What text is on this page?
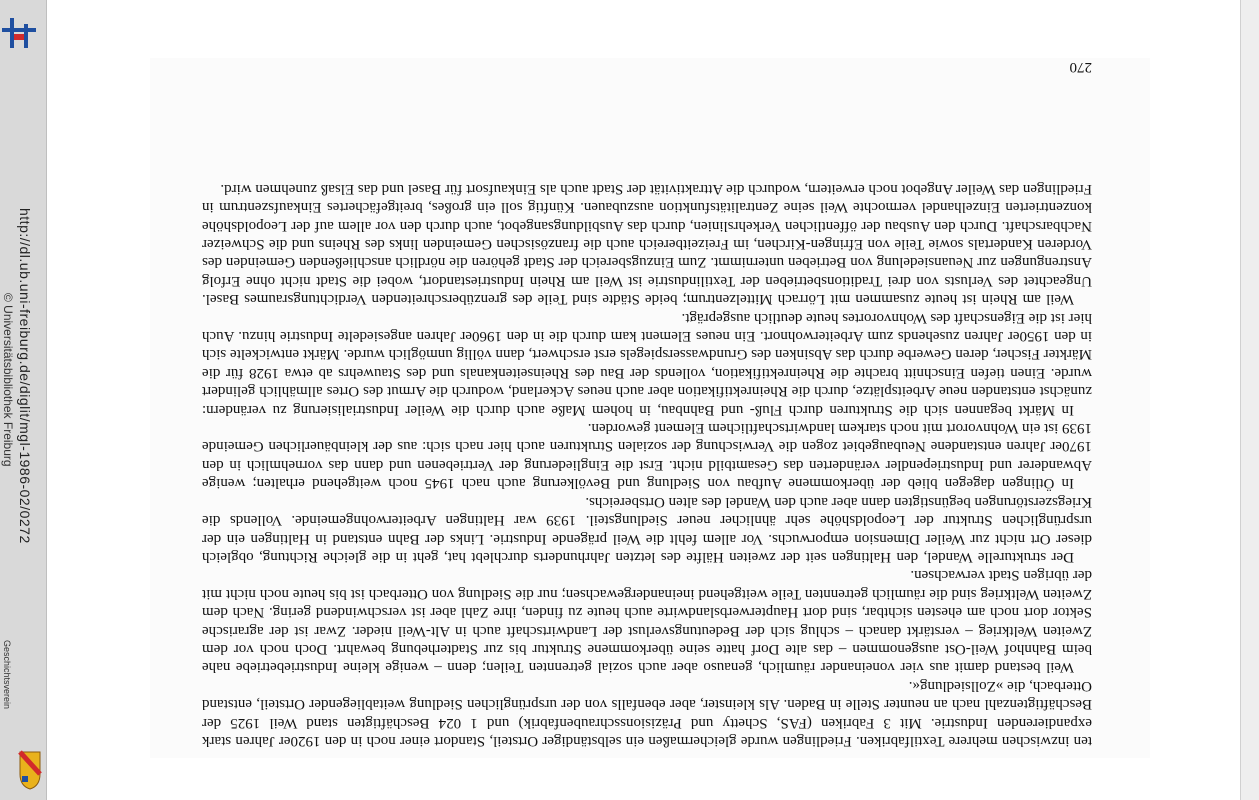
http://dl.ub.uni-freiburg.de/diglit/mgl-1986-02/0272
© Universitätsbibliothek Freiburg
Geschichtsverein

ten inzwischen mehrere Textilfabriken. Friedlingen wurde gleichermaßen ein selbständiger Ortsteil, Standort einer noch in den 1920er Jahren stark expandierenden Industrie. Mit 3 Fabriken (FAS, Schetty und Präzisionsschraubenfabrik) und 1 024 Beschäftigten stand Weil 1925 der Beschäftigtenzahl nach an neunter Stelle in Baden. Als kleinster, aber ebenfalls von der ursprünglichen Siedlung weitabliegender Ortsteil, entstand Otterbach, die »Zollsiedlung«.

Weil bestand damit aus vier voneinander räumlich, genauso aber auch sozial getrennten Teilen; denn – wenige kleine Industriebetriebe nahe beim Bahnhof Weil-Ost ausgenommen – das alte Dorf hatte seine überkommene Struktur bis zur Stadterhebung bewahrt. Doch noch vor dem Zweiten Weltkrieg – verstärkt danach – schlug sich der Bedeutungsverlust der Landwirtschaft auch in Alt-Weil nieder. Zwar ist der agrarische Sektor dort noch am ehesten sichtbar, sind dort Haupterwerbslandwirte auch heute zu finden, ihre Zahl aber ist verschwindend gering. Nach dem Zweiten Weltkrieg sind die räumlich getrennten Teile weitgehend ineinandergewachsen; nur die Siedlung von Otterbach ist bis heute noch nicht mit der übrigen Stadt verwachsen.

Der strukturelle Wandel, den Haltingen seit der zweiten Hälfte des letzten Jahrhunderts durchlebt hat, geht in die gleiche Richtung, obgleich dieser Ort nicht zur Weiler Dimension emporwuchs. Vor allem fehlt die Weil prägende Industrie. Links der Bahn entstand in Haltingen ein der ursprünglichen Struktur der Leopoldshöhe sehr ähnlicher neuer Siedlungsteil. 1939 war Haltingen Arbeiterwohngemeinde. Vollends die Kriegszerstörungen begünstigten dann aber auch den Wandel des alten Ortsbereichs.

In Ötlingen dagegen blieb der überkommene Aufbau von Siedlung und Bevölkerung auch nach 1945 noch weitgehend erhalten; wenige Abwanderer und Industriependler veränderten das Gesamtbild nicht. Erst die Eingliederung der Vertriebenen und dann das vornehmlich in den 1970er Jahren entstandene Neubaugebiet zogen die Verwischung der sozialen Strukturen auch hier nach sich: aus der kleinbäuerlichen Gemeinde 1939 ist ein Wohnvorort mit noch starkem landwirtschaftlichem Element geworden.

In Märkt begannen sich die Strukturen durch Fluß- und Bahnbau, in hohem Maße auch durch die Weiler Industrialisierung zu verändern: zunächst entstanden neue Arbeitsplätze, durch die Rheinrektifikation aber auch neues Ackerland, wodurch die Armut des Ortes allmählich gelindert wurde. Einen tiefen Einschnitt brachte die Rheinrektifikation, vollends der Bau des Rheinseitenkanals und des Stauwehrs ab etwa 1928 für die Märkter Fischer, deren Gewerbe durch das Absinken des Grundwasserspiegels erst erschwert, dann völlig unmöglich wurde. Märkt entwickelte sich in den 1950er Jahren zusehends zum Arbeiterwohnort. Ein neues Element kam durch die in den 1960er Jahren angesiedelte Industrie hinzu. Auch hier ist die Eigenschaft des Wohnvorortes heute deutlich ausgeprägt.

Weil am Rhein ist heute zusammen mit Lörrach Mittelzentrum; beide Städte sind Teile des grenzüberschreitenden Verdichtungsraumes Basel. Ungeachtet des Verlusts von drei Traditionsbetrieben der Textilindustrie ist Weil am Rhein Industriestandort, wobei die Stadt nicht ohne Erfolg Anstrengungen zur Neuansiedelung von Betrieben unternimmt. Zum Einzugsbereich der Stadt gehören die nördlich anschließenden Gemeinden des Vorderen Kandertals sowie Teile von Efringen-Kirchen, im Freizeitbereich auch die französischen Gemeinden links des Rheins und die Schweizer Nachbarschaft. Durch den Ausbau der öffentlichen Verkehrslinien, durch das Ausbildungsangebot, auch durch den vor allem auf der Leopoldshöhe konzentrierten Einzelhandel vermochte Weil seine Zentralitätsfunktion auszubauen. Künftig soll ein großes, breitgefächertes Einkaufszentrum in Friedlingen das Weiler Angebot noch erweitern, wodurch die Attraktivität der Stadt auch als Einkaufsort für Basel und das Elsaß zunehmen wird.

270
